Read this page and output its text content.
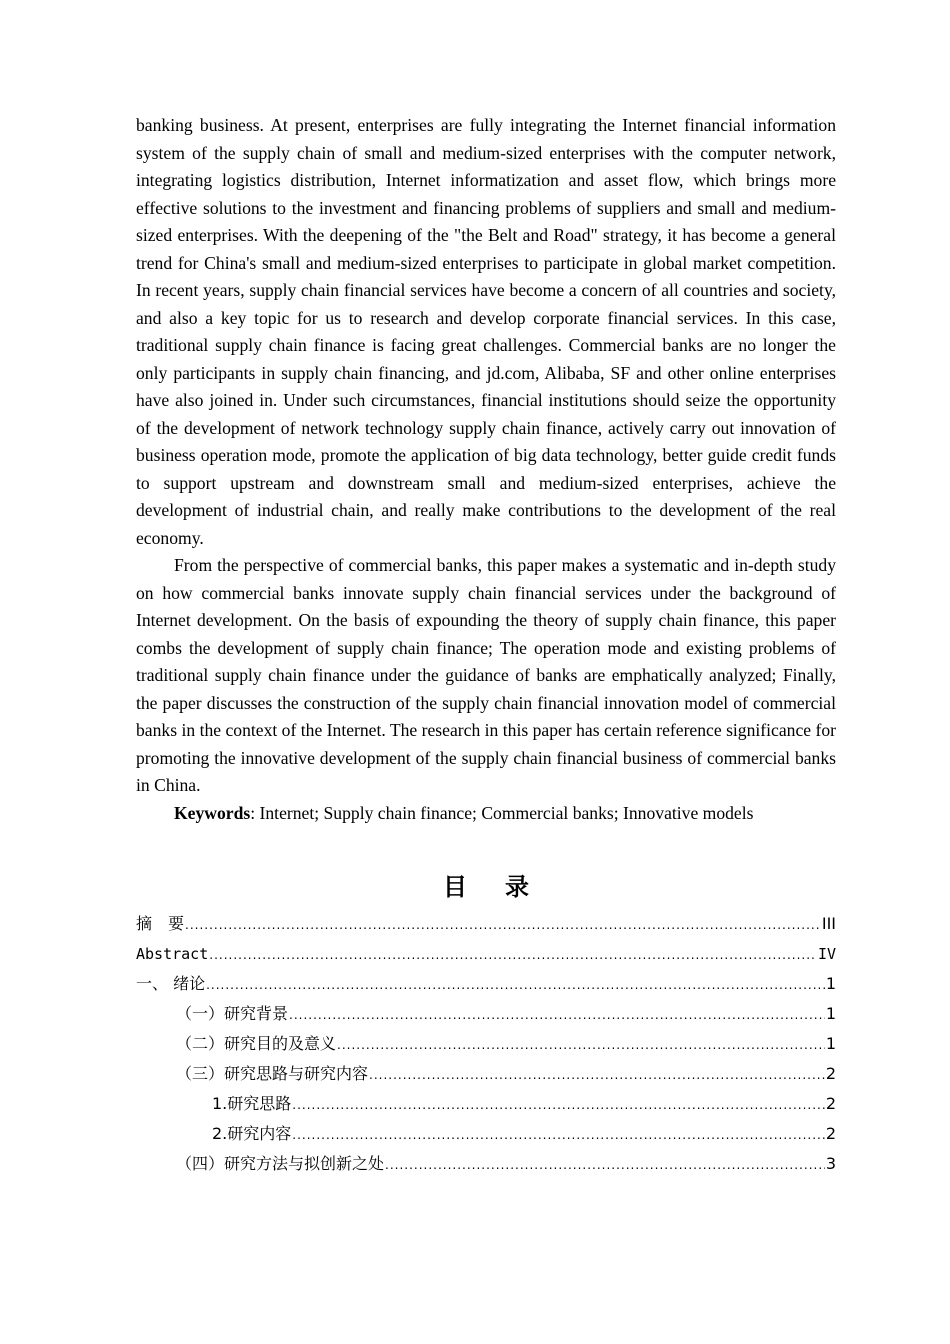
banking business. At present, enterprises are fully integrating the Internet financial information system of the supply chain of small and medium-sized enterprises with the computer network, integrating logistics distribution, Internet informatization and asset flow, which brings more effective solutions to the investment and financing problems of suppliers and small and medium-sized enterprises. With the deepening of the "the Belt and Road" strategy, it has become a general trend for China's small and medium-sized enterprises to participate in global market competition. In recent years, supply chain financial services have become a concern of all countries and society, and also a key topic for us to research and develop corporate financial services. In this case, traditional supply chain finance is facing great challenges. Commercial banks are no longer the only participants in supply chain financing, and jd.com, Alibaba, SF and other online enterprises have also joined in. Under such circumstances, financial institutions should seize the opportunity of the development of network technology supply chain finance, actively carry out innovation of business operation mode, promote the application of big data technology, better guide credit funds to support upstream and downstream small and medium-sized enterprises, achieve the development of industrial chain, and really make contributions to the development of the real economy.

From the perspective of commercial banks, this paper makes a systematic and in-depth study on how commercial banks innovate supply chain financial services under the background of Internet development. On the basis of expounding the theory of supply chain finance, this paper combs the development of supply chain finance; The operation mode and existing problems of traditional supply chain finance under the guidance of banks are emphatically analyzed; Finally, the paper discusses the construction of the supply chain financial innovation model of commercial banks in the context of the Internet. The research in this paper has certain reference significance for promoting the innovative development of the supply chain financial business of commercial banks in China.

Keywords: Internet; Supply chain finance; Commercial banks; Innovative models

目录
摘　要 .....	III
Abstract .....	IV
一、 绪论 .....	1
（一）研究背景 .....	1
（二）研究目的及意义 .....	1
（三）研究思路与研究内容 .....	2
1.研究思路 .....	2
2.研究内容 .....	2
（四）研究方法与拟创新之处 .....	3
